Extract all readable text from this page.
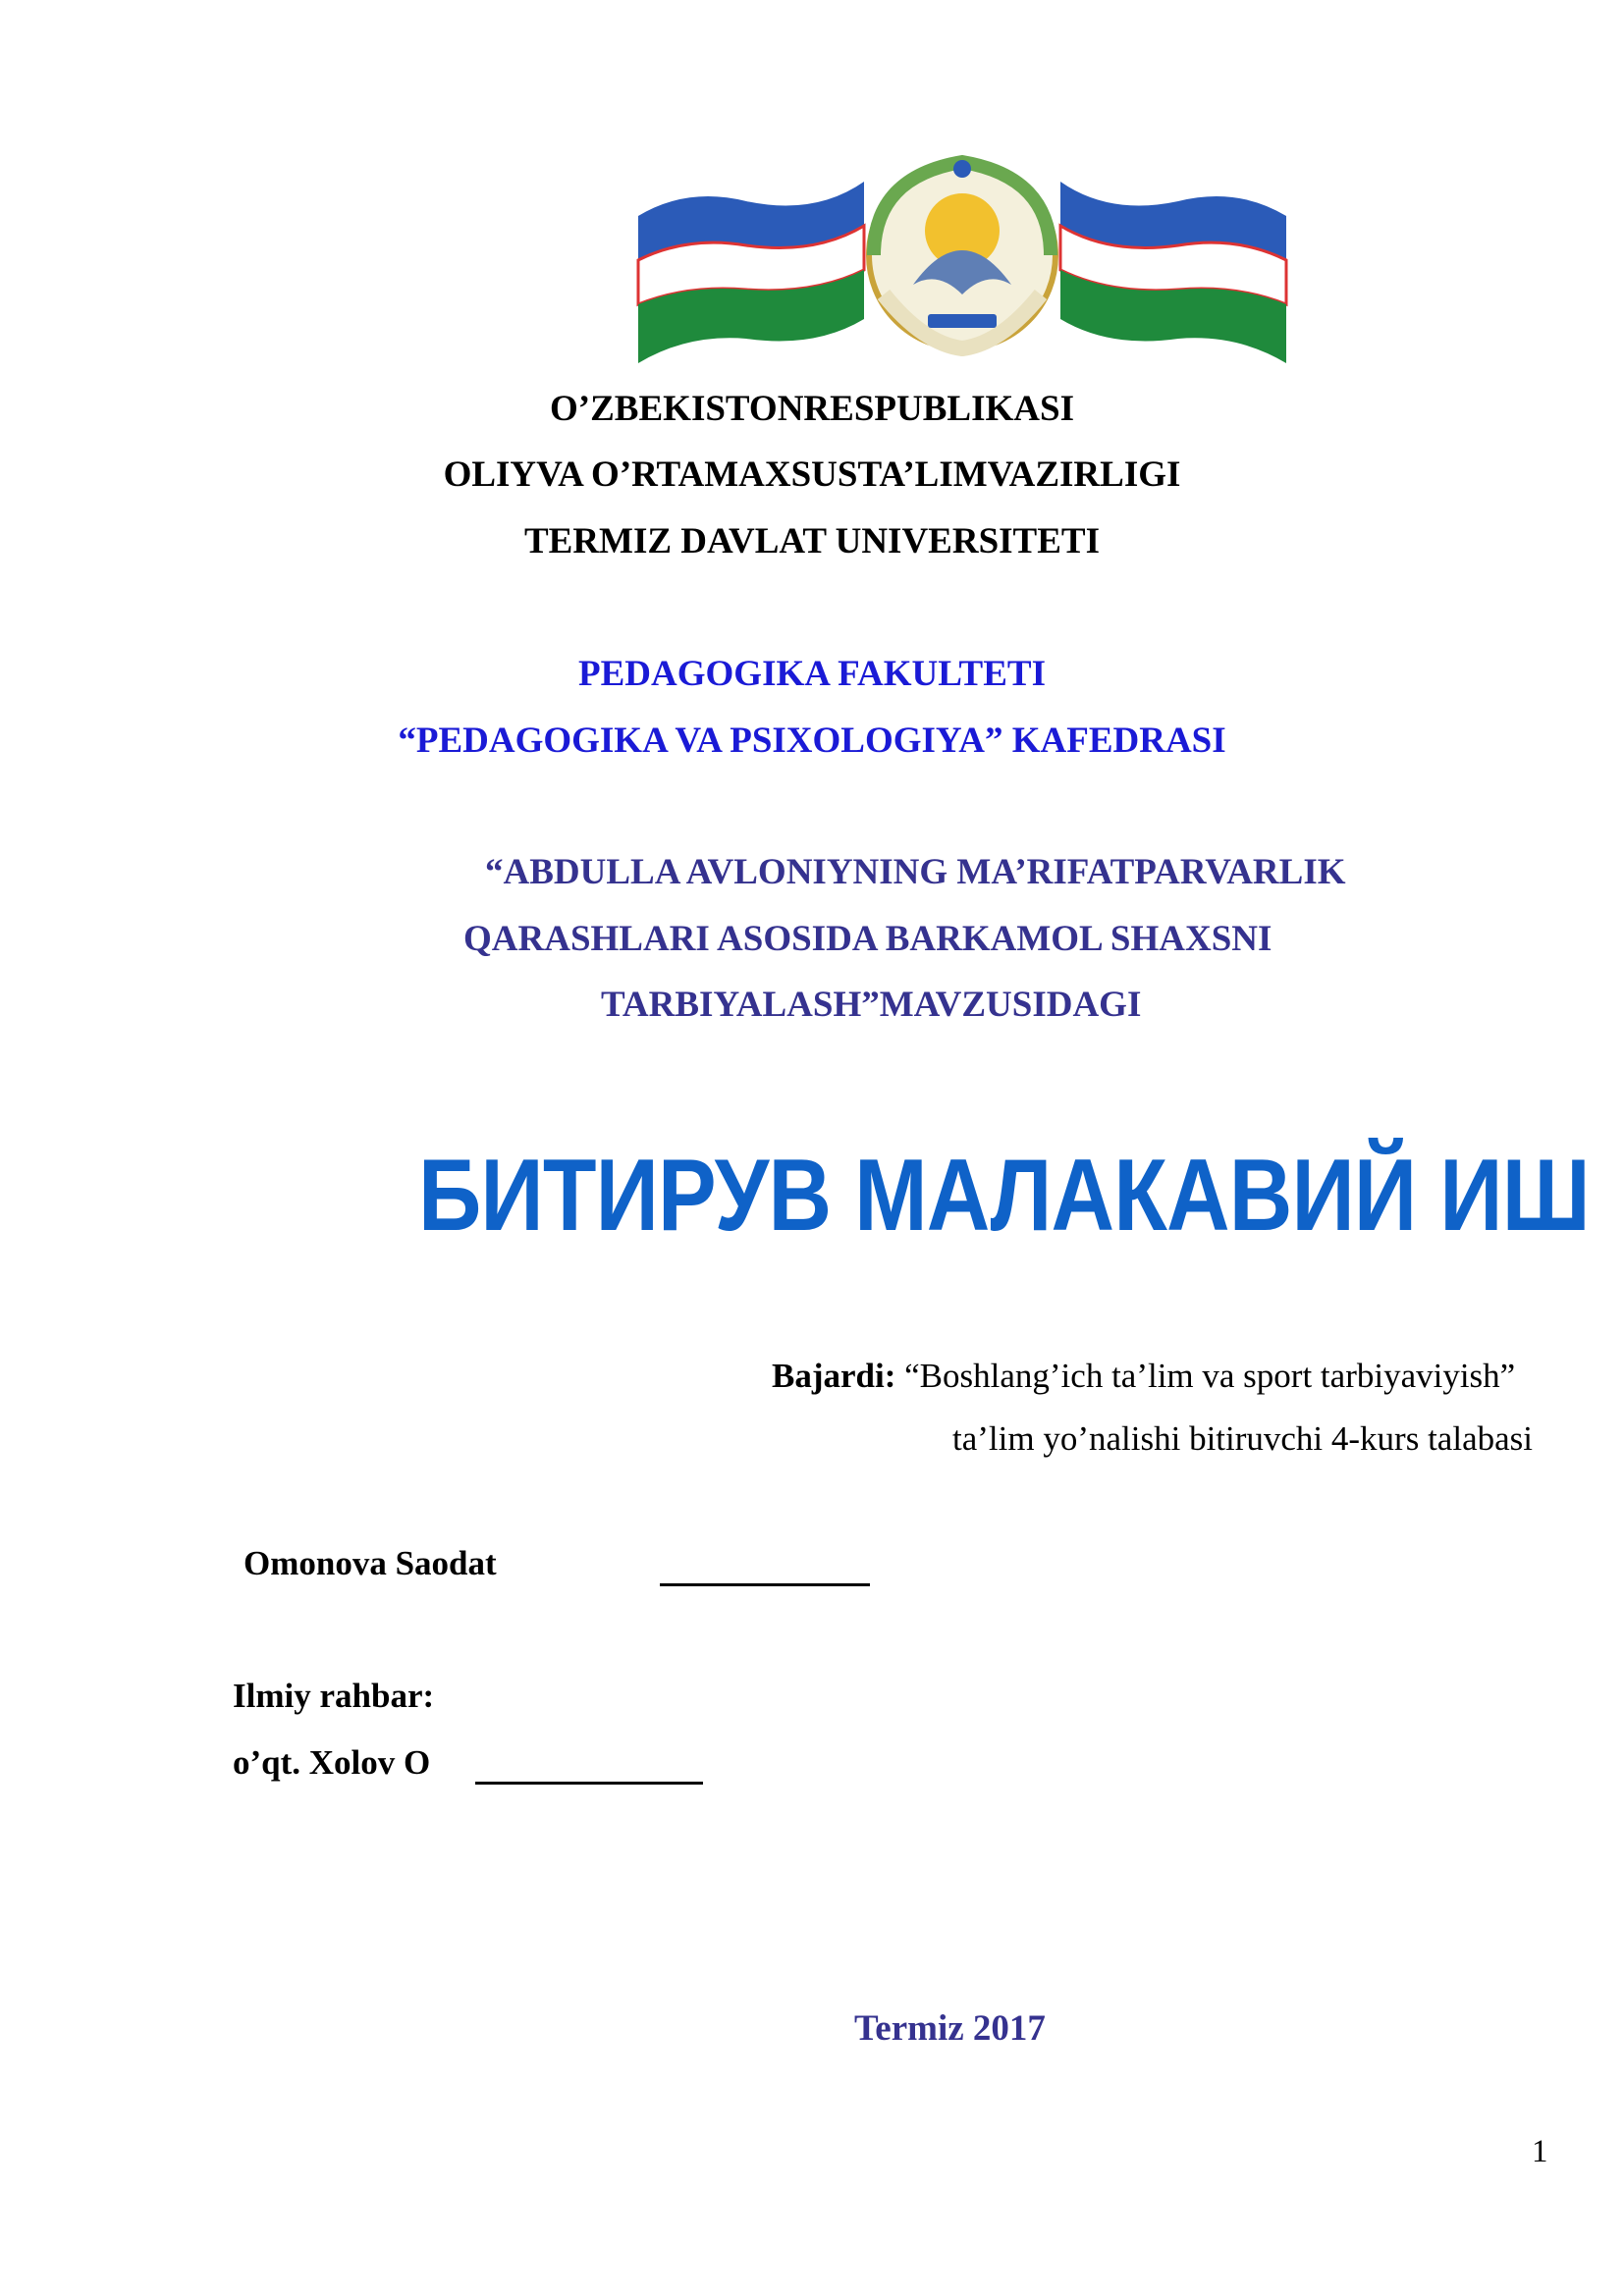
O’ZBEKISTONRESPUBLIKASI
OLIYVA O’RTAMAXSUSTA’LIMVAZIRLIGI
TERMIZ DAVLAT UNIVERSITETI
PEDAGOGIKA FAKULTETI
“PEDAGOGIKA VA PSIXOLOGIYA” KAFEDRASI
“ABDULLA AVLONIYNING MA’RIFATPARVARLIK
QARASHLARI ASOSIDA BARKAMOL SHAXSNI
TARBIYALASH”MAVZUSIDAGI
БИТИРУВ МАЛАКАВИЙ ИШ
Bajardi: “Boshlang’ich ta’lim va sport tarbiyaviyish”
ta’lim yo’nalishi bitiruvchi 4-kurs talabasi
Omonova Saodat
Ilmiy rahbar:
o’qt. Xolov O
Termiz 2017
1
